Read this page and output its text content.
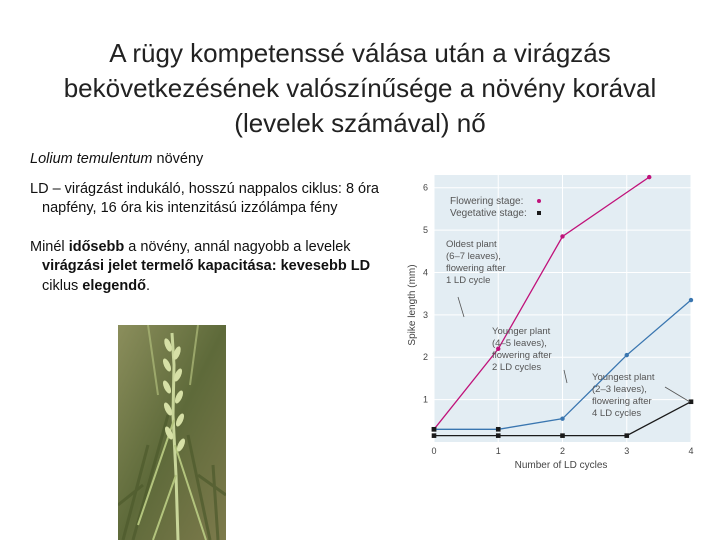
A rügy kompetenssé válása után a virágzás
bekövetkezésének valószínűsége a növény korával
(levelek számával) nő

Lolium temulentum növény

LD – virágzást indukáló, hosszú nappalos ciklus: 8 óra napfény, 16 óra kis intenzitású izzólámpa fény

Minél idősebb a növény, annál nagyobb a levelek virágzási jelet termelő kapacitása: kevesebb LD ciklus elegendő.

1
2
3
4
5
6
0	1	2	3	4
Spike length (mm)
Number of LD cycles
Flowering stage:
Vegetative stage:
Oldest plant (6–7 leaves), flowering after 1 LD cycle
Younger plant (4–5 leaves), flowering after 2 LD cycles
Youngest plant (2–3 leaves), flowering after 4 LD cycles
